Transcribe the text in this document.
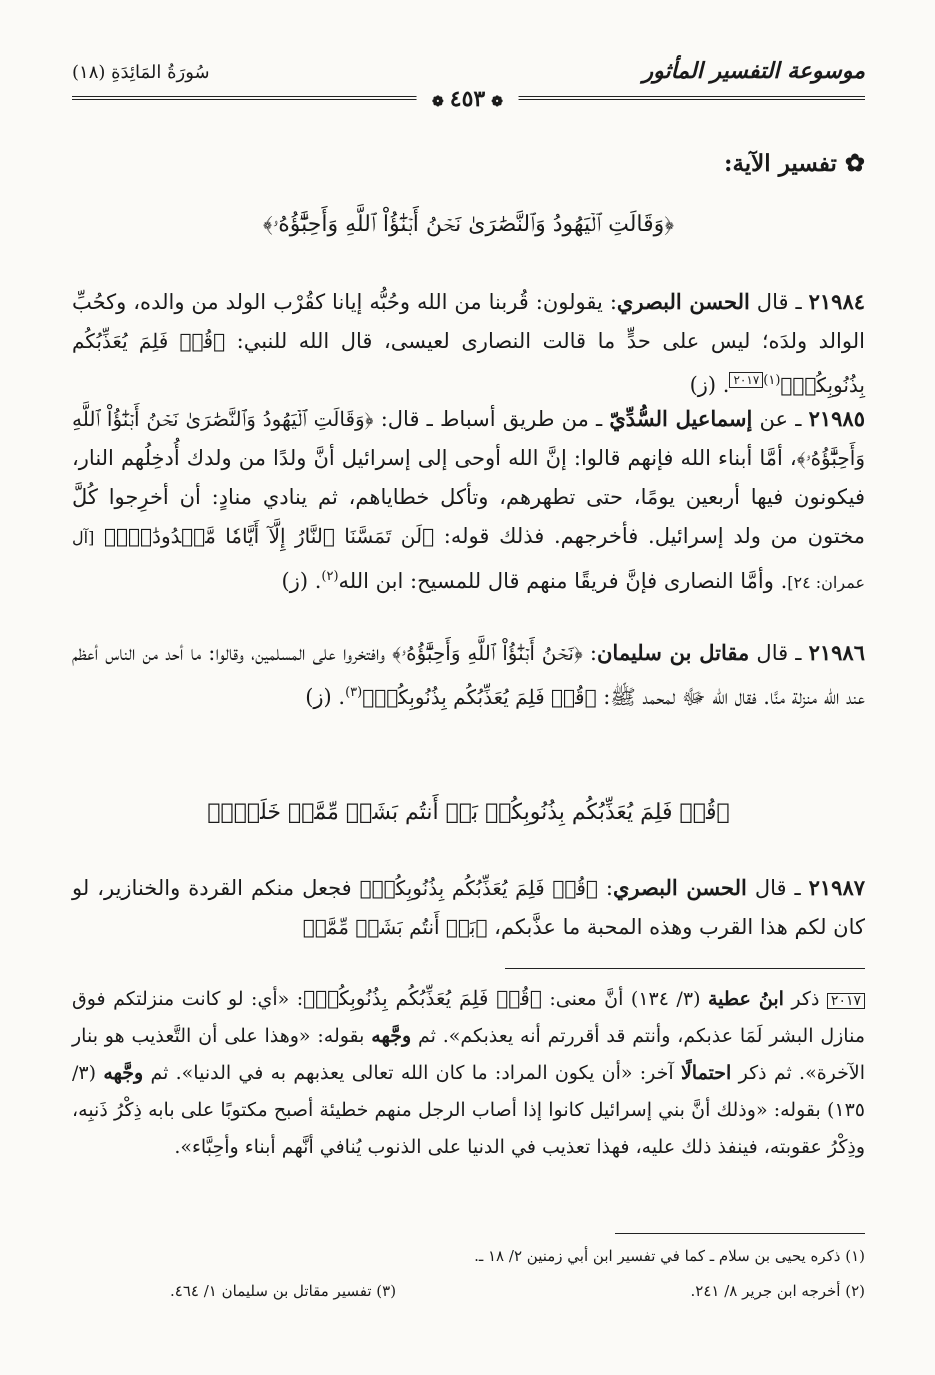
موسوعة التفسير المأثور
سُورَةُ المَائِدَةِ (١٨)
❁٤٥٣❁
✿تفسير الآية:
﴿وَقَالَتِ ٱلۡيَهُودُ وَٱلنَّصَٰرَىٰ نَحۡنُ أَبۡنَٰٓؤُاْ ٱللَّهِ وَأَحِبَّٰٓؤُهُۥ﴾
٢١٩٨٤ ـ قال الحسن البصري: يقولون: قُربنا من الله وحُبُّه إيانا كقُرْب الولد من والده، وكحُبِّ الوالد ولدَه؛ ليس على حدٍّ ما قالت النصارى لعيسى، قال الله للنبي: ﴿قُلۡ فَلِمَ يُعَذِّبُكُم بِذُنُوبِكُمۖ﴾$^{(١)}$٢٠١٧. (ز)
٢١٩٨٥ ـ عن إسماعيل السُّدِّيّ ـ من طريق أسباط ـ قال: ﴿وَقَالَتِ ٱلۡيَهُودُ وَٱلنَّصَٰرَىٰ نَحۡنُ أَبۡنَٰٓؤُاْ ٱللَّهِ وَأَحِبَّٰٓؤُهُۥ﴾، أمَّا أبناء الله فإنهم قالوا: إنَّ الله أوحى إلى إسرائيل أنَّ ولدًا من ولدك أُدخِلُهم النار، فيكونون فيها أربعين يومًا، حتى تطهرهم، وتأكل خطاياهم، ثم ينادي منادٍ: أن أخرِجوا كُلَّ مختون من ولد إسرائيل. فأخرجهم. فذلك قوله: ﴿لَن تَمَسَّنَا ٱلنَّارُ إِلَّآ أَيَّامٗا مَّعۡدُودَٰتٖۖ﴾ [آل عمران: ٢٤]. وأمَّا النصارى فإنَّ فريقًا منهم قال للمسيح: ابن الله$^{(٢)}$. (ز)
٢١٩٨٦ ـ قال مقاتل بن سليمان: ﴿نَحۡنُ أَبۡنَٰٓؤُاْ ٱللَّهِ وَأَحِبَّٰٓؤُهُۥ﴾ وافتخروا على المسلمين، وقالوا: ما أحد من الناس أعظم عند الله منزلة منَّا. فقال الله ﷻ لمحمد ﷺ: ﴿قُلۡ فَلِمَ يُعَذِّبُكُم بِذُنُوبِكُمۖ﴾$^{(٣)}$. (ز)
﴿قُلۡ فَلِمَ يُعَذِّبُكُم بِذُنُوبِكُمۖ بَلۡ أَنتُم بَشَرٞ مِّمَّنۡ خَلَقَۚ﴾
٢١٩٨٧ ـ قال الحسن البصري: ﴿قُلۡ فَلِمَ يُعَذِّبُكُم بِذُنُوبِكُمۖ﴾ فجعل منكم القردة والخنازير، لو كان لكم هذا القرب وهذه المحبة ما عذَّبكم، ﴿بَلۡ أَنتُم بَشَرٞ مِّمَّنۡ
٢٠١٧ ذكر ابنُ عطية (٣/ ١٣٤) أنَّ معنى: ﴿قُلۡ فَلِمَ يُعَذِّبُكُم بِذُنُوبِكُمۖ﴾: «أي: لو كانت منزلتكم فوق منازل البشر لَمَا عذبكم، وأنتم قد أقررتم أنه يعذبكم». ثم وجَّهه بقوله: «وهذا على أن التَّعذيب هو بنار الآخرة». ثم ذكر احتمالًا آخر: «أن يكون المراد: ما كان الله تعالى يعذبهم به في الدنيا». ثم وجَّهه (٣/ ١٣٥) بقوله: «وذلك أنَّ بني إسرائيل كانوا إذا أصاب الرجل منهم خطيئة أصبح مكتوبًا على بابه ذِكْرُ ذَنبِه، وذِكْرُ عقوبته، فينفذ ذلك عليه، فهذا تعذيب في الدنيا على الذنوب يُنافي أنَّهم أبناء وأحِبَّاء».
(١) ذكره يحيى بن سلام ـ كما في تفسير ابن أبي زمنين ٢/ ١٨ ـ.
(٢) أخرجه ابن جرير ٨/ ٢٤١.
(٣) تفسير مقاتل بن سليمان ١/ ٤٦٤.
